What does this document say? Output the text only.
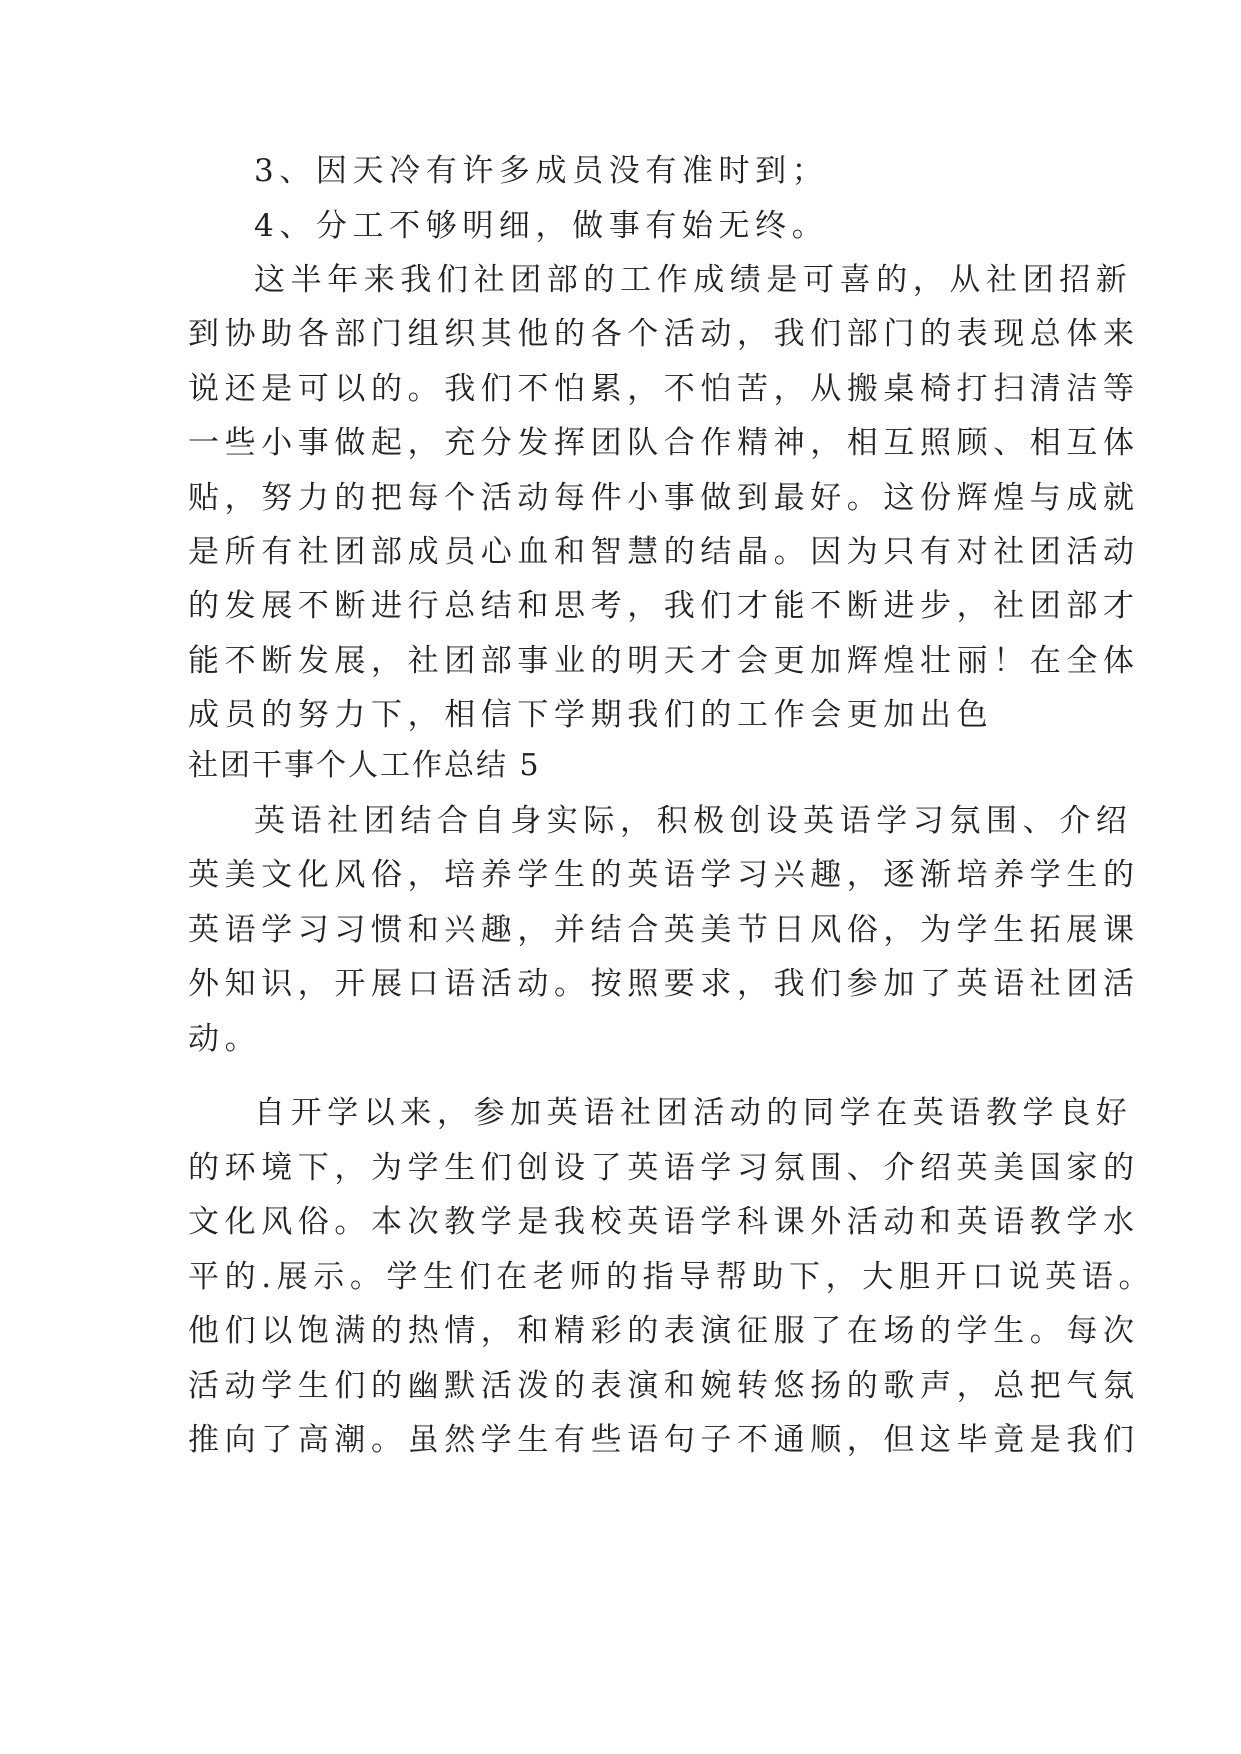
3、因天冷有许多成员没有准时到；
4、分工不够明细，做事有始无终。
这半年来我们社团部的工作成绩是可喜的，从社团招新
到协助各部门组织其他的各个活动，我们部门的表现总体来
说还是可以的。我们不怕累，不怕苦，从搬桌椅打扫清洁等
一些小事做起，充分发挥团队合作精神，相互照顾、相互体
贴，努力的把每个活动每件小事做到最好。这份辉煌与成就
是所有社团部成员心血和智慧的结晶。因为只有对社团活动
的发展不断进行总结和思考，我们才能不断进步，社团部才
能不断发展，社团部事业的明天才会更加辉煌壮丽！在全体
成员的努力下，相信下学期我们的工作会更加出色
社团干事个人工作总结 5
英语社团结合自身实际，积极创设英语学习氛围、介绍
英美文化风俗，培养学生的英语学习兴趣，逐渐培养学生的
英语学习习惯和兴趣，并结合英美节日风俗，为学生拓展课
外知识，开展口语活动。按照要求，我们参加了英语社团活
动。
自开学以来，参加英语社团活动的同学在英语教学良好
的环境下，为学生们创设了英语学习氛围、介绍英美国家的
文化风俗。本次教学是我校英语学科课外活动和英语教学水
平的.展示。学生们在老师的指导帮助下，大胆开口说英语。
他们以饱满的热情，和精彩的表演征服了在场的学生。每次
活动学生们的幽默活泼的表演和婉转悠扬的歌声，总把气氛
推向了高潮。虽然学生有些语句子不通顺，但这毕竟是我们
